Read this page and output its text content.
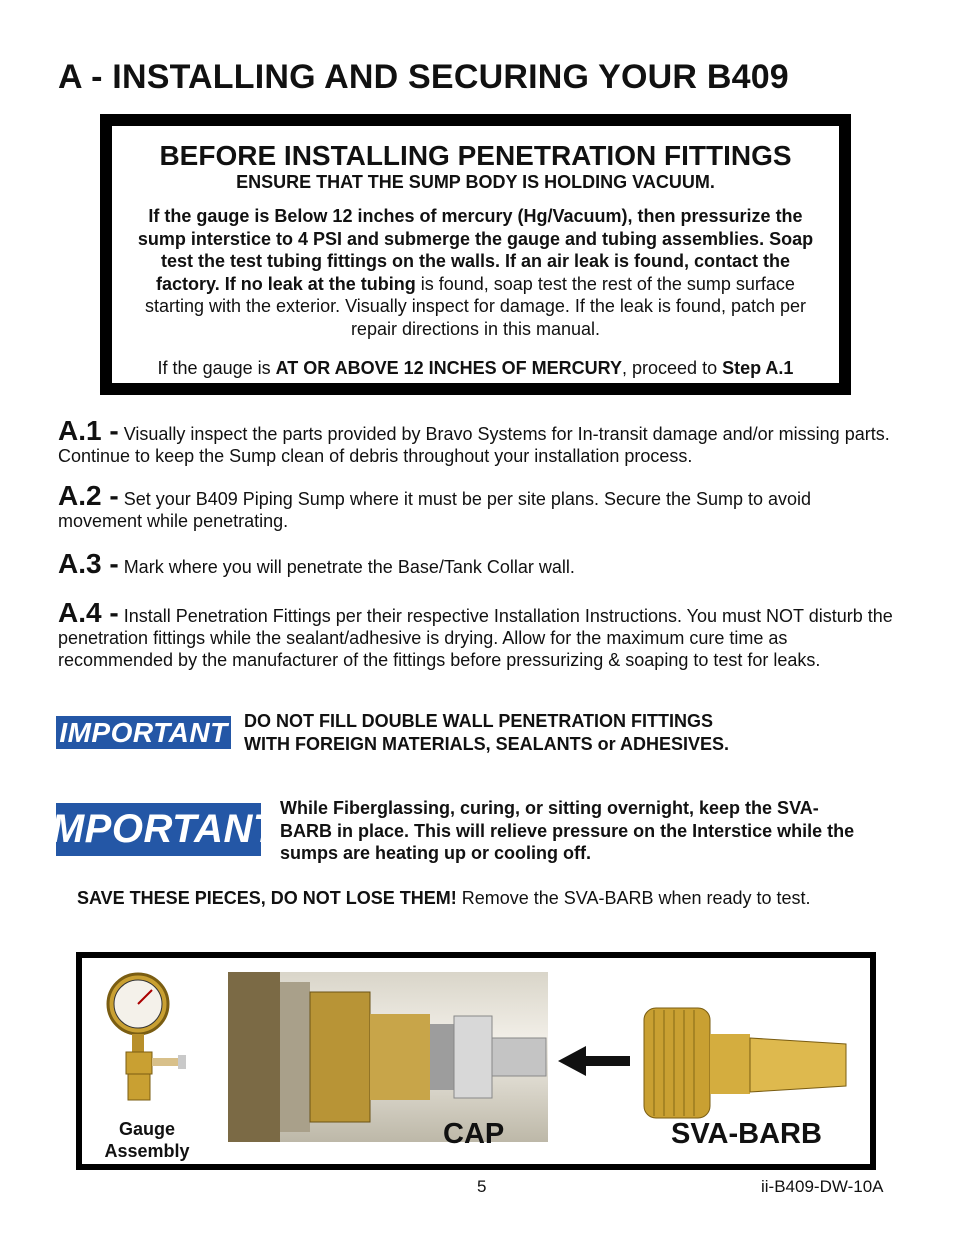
A - INSTALLING AND SECURING YOUR B409
BEFORE INSTALLING PENETRATION FITTINGS

ENSURE THAT THE SUMP BODY IS HOLDING VACUUM.

If the gauge is Below 12 inches of mercury (Hg/Vacuum), then pressurize the sump interstice to 4 PSI and submerge the gauge and tubing assemblies. Soap test the test tubing fittings on the walls. If an air leak is found, contact the factory. If no leak at the tubing is found, soap test the rest of the sump surface starting with the exterior. Visually inspect for damage. If the leak is found, patch per repair directions in this manual.

If the gauge is AT OR ABOVE 12 INCHES OF MERCURY, proceed to Step A.1

A.1 - Visually inspect the parts provided by Bravo Systems for In-transit damage and/or missing parts. Continue to keep the Sump clean of debris throughout your installation process.
A.2 - Set your B409 Piping Sump where it must be per site plans. Secure the Sump to avoid movement while penetrating.
A.3 - Mark where you will penetrate the Base/Tank Collar wall.
A.4 - Install Penetration Fittings per their respective Installation Instructions. You must NOT disturb the penetration fittings while the sealant/adhesive is drying. Allow for the maximum cure time as recommended by the manufacturer of the fittings before pressurizing & soaping to test for leaks.
IMPORTANT DO NOT FILL DOUBLE WALL PENETRATION FITTINGS
WITH FOREIGN MATERIALS, SEALANTS or ADHESIVES.
IMPORTANT While Fiberglassing, curing, or sitting overnight, keep the SVA-BARB in place. This will relieve pressure on the Interstice while the sumps are heating up or cooling off.
SAVE THESE PIECES, DO NOT LOSE THEM! Remove the SVA-BARB when ready to test.
Gauge
Assembly
CAP	SVA-BARB
5	ii-B409-DW-10A
